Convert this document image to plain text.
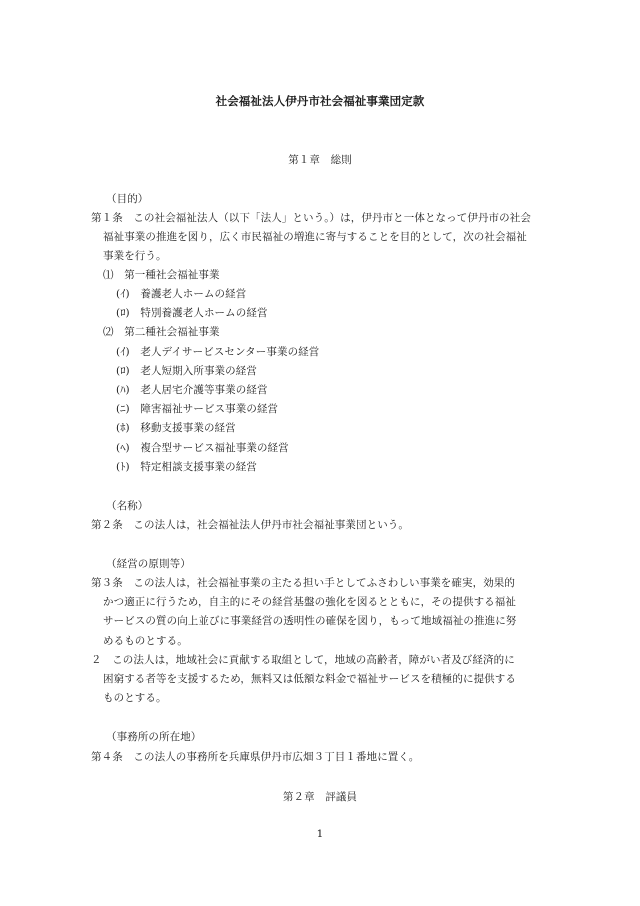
社会福祉法人伊丹市社会福祉事業団定款
第１章　総則
（目的）
第１条　この社会福祉法人（以下「法人」という。）は，伊丹市と一体となって伊丹市の社会
福祉事業の推進を図り，広く市民福祉の増進に寄与することを目的として，次の社会福祉
事業を行う。
⑴　第一種社会福祉事業
(ｲ)　養護老人ホームの経営
(ﾛ)　特別養護老人ホームの経営
⑵　第二種社会福祉事業
(ｲ)　老人デイサービスセンター事業の経営
(ﾛ)　老人短期入所事業の経営
(ﾊ)　老人居宅介護等事業の経営
(ﾆ)　障害福祉サービス事業の経営
(ﾎ)　移動支援事業の経営
(ﾍ)　複合型サービス福祉事業の経営
(ﾄ)　特定相談支援事業の経営
（名称）
第２条　この法人は，社会福祉法人伊丹市社会福祉事業団という。
（経営の原則等）
第３条　この法人は，社会福祉事業の主たる担い手としてふさわしい事業を確実，効果的
かつ適正に行うため，自主的にその経営基盤の強化を図るとともに，その提供する福祉
サービスの質の向上並びに事業経営の透明性の確保を図り，もって地域福祉の推進に努
めるものとする。
２　この法人は，地域社会に貢献する取組として，地域の高齢者，障がい者及び経済的に
困窮する者等を支援するため，無料又は低額な料金で福祉サービスを積極的に提供する
ものとする。
（事務所の所在地）
第４条　この法人の事務所を兵庫県伊丹市広畑３丁目１番地に置く。
第２章　評議員
1
